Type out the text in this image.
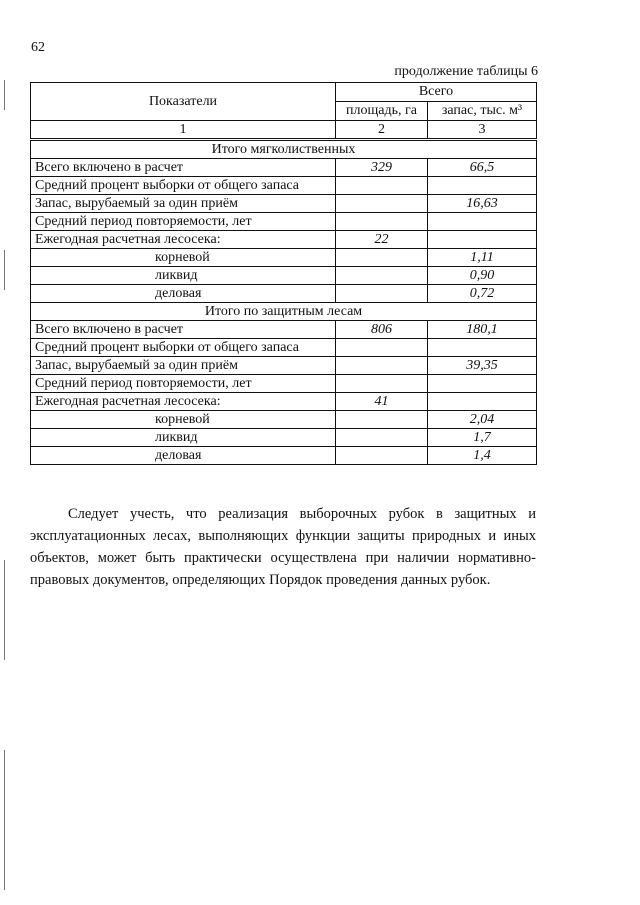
62
продолжение таблицы 6
Показатели	Всего	
	площадь, га	запас, тыс. м³
1	2	3
Итого мягколиственных		
Всего включено в расчет	329	66,5
Средний процент выборки от общего запаса		
Запас, вырубаемый за один приём		16,63
Средний период повторяемости, лет		
Ежегодная расчетная лесосека:	22	
корневой		1,11
ликвид		0,90
деловая		0,72
Итого по защитным лесам		
Всего включено в расчет	806	180,1
Средний процент выборки от общего запаса		
Запас, вырубаемый за один приём		39,35
Средний период повторяемости, лет		
Ежегодная расчетная лесосека:	41	
корневой		2,04
ликвид		1,7
деловая		1,4

Следует учесть, что реализация выборочных рубок в защитных и эксплуатационных лесах, выполняющих функции защиты природных и иных объектов, может быть практически осуществлена при наличии нормативно-правовых документов, определяющих Порядок проведения данных рубок.
